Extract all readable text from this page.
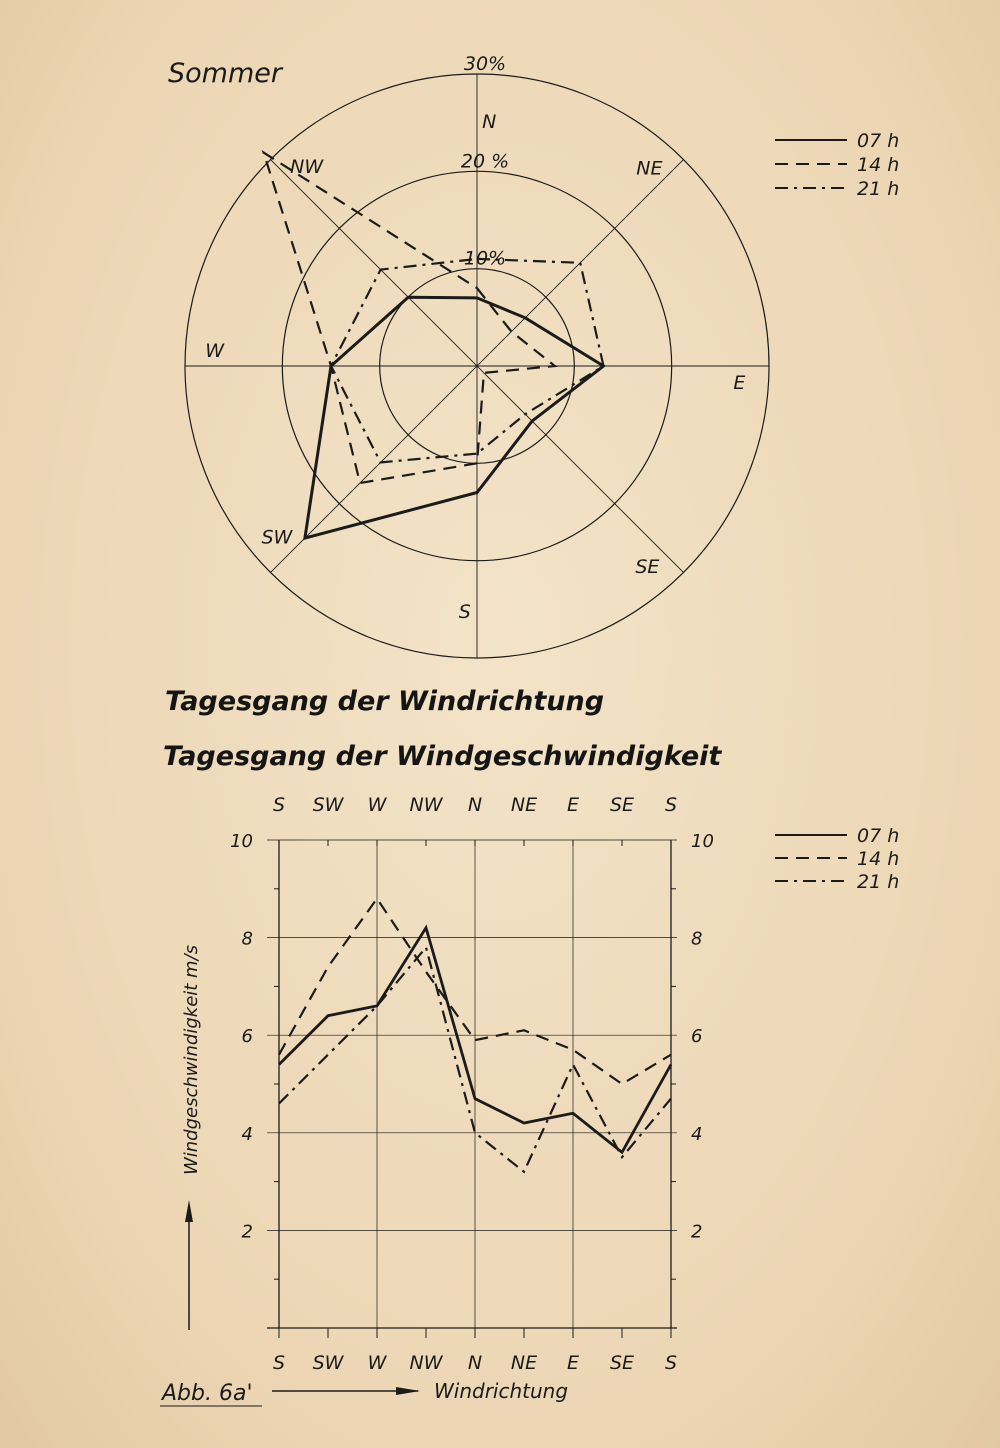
Sommer
10%
20 %
30%
N
NE
E
SE
S
SW
W
NW
07 h
14 h
21 h
Tagesgang der Windrichtung
Tagesgang der Windgeschwindigkeit
2	2
4	4
6	6
8	8
10	10
S
S
SW
SW
W
W
NW
NW
N
N
NE
NE
E
E
SE
SE
S
S
Windgeschwindigkeit m/s
07 h
14 h
21 h
Abb. 6a'	Windrichtung
